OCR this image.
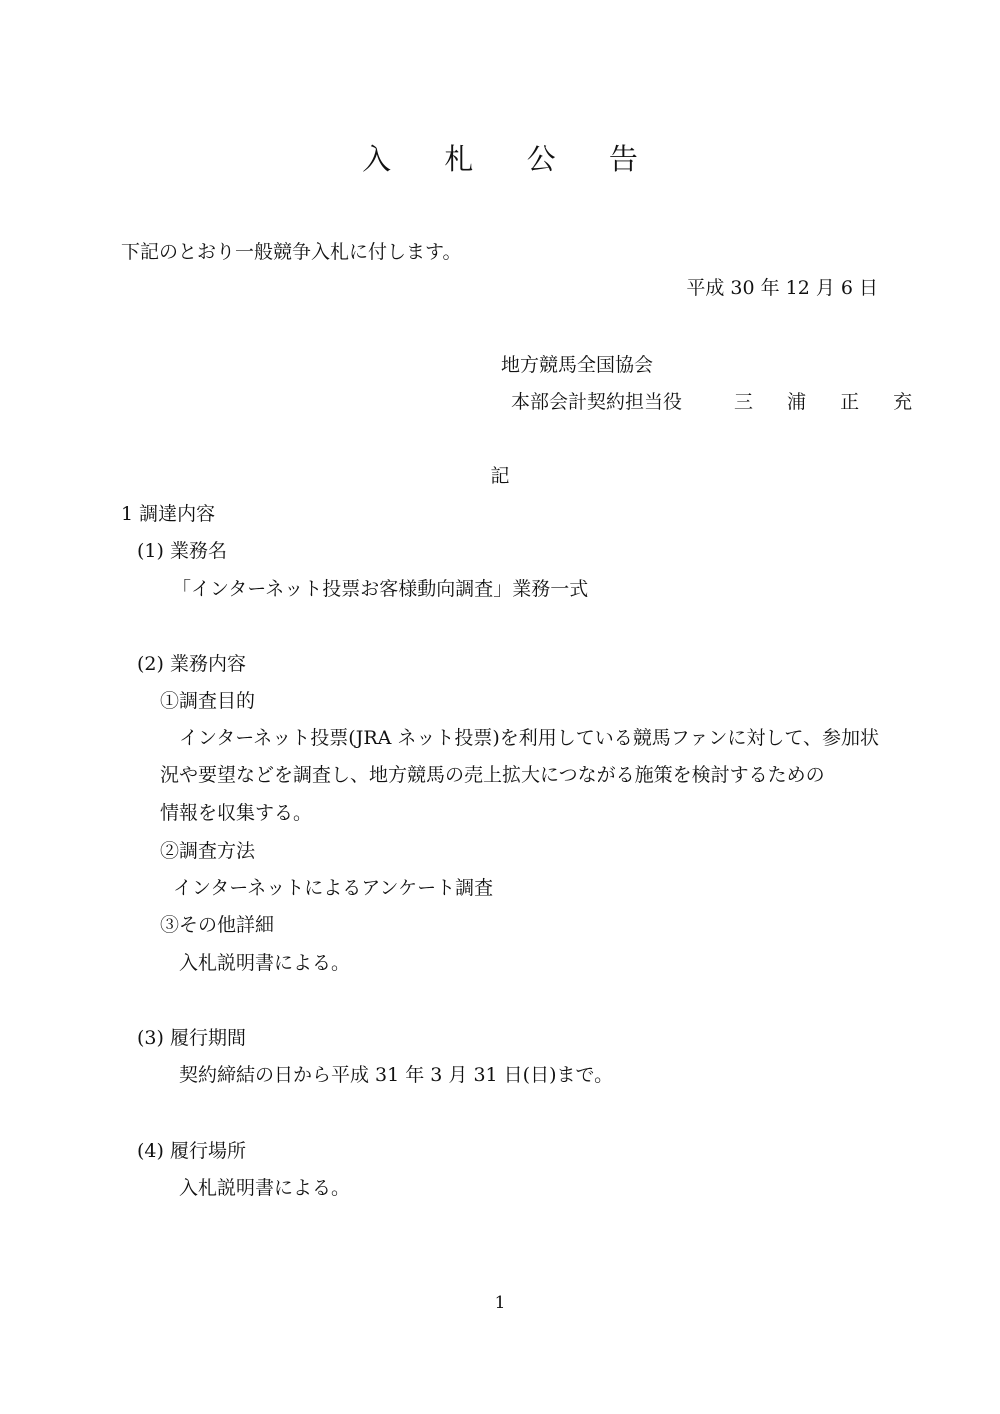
入 札 公 告

下記のとおり一般競争入札に付します。

平成 30 年 12 月 6 日

地方競馬全国協会

本部会計契約担当役	三 浦 正 充

記

1 調達内容

(1) 業務名

「インターネット投票お客様動向調査」業務一式

(2) 業務内容

①調査目的

インターネット投票(JRA ネット投票)を利用している競馬ファンに対して、参加状

況や要望などを調査し、地方競馬の売上拡大につながる施策を検討するための

情報を収集する。

②調査方法

インターネットによるアンケート調査

③その他詳細

入札説明書による。

(3) 履行期間

契約締結の日から平成 31 年 3 月 31 日(日)まで。

(4) 履行場所

入札説明書による。

1
